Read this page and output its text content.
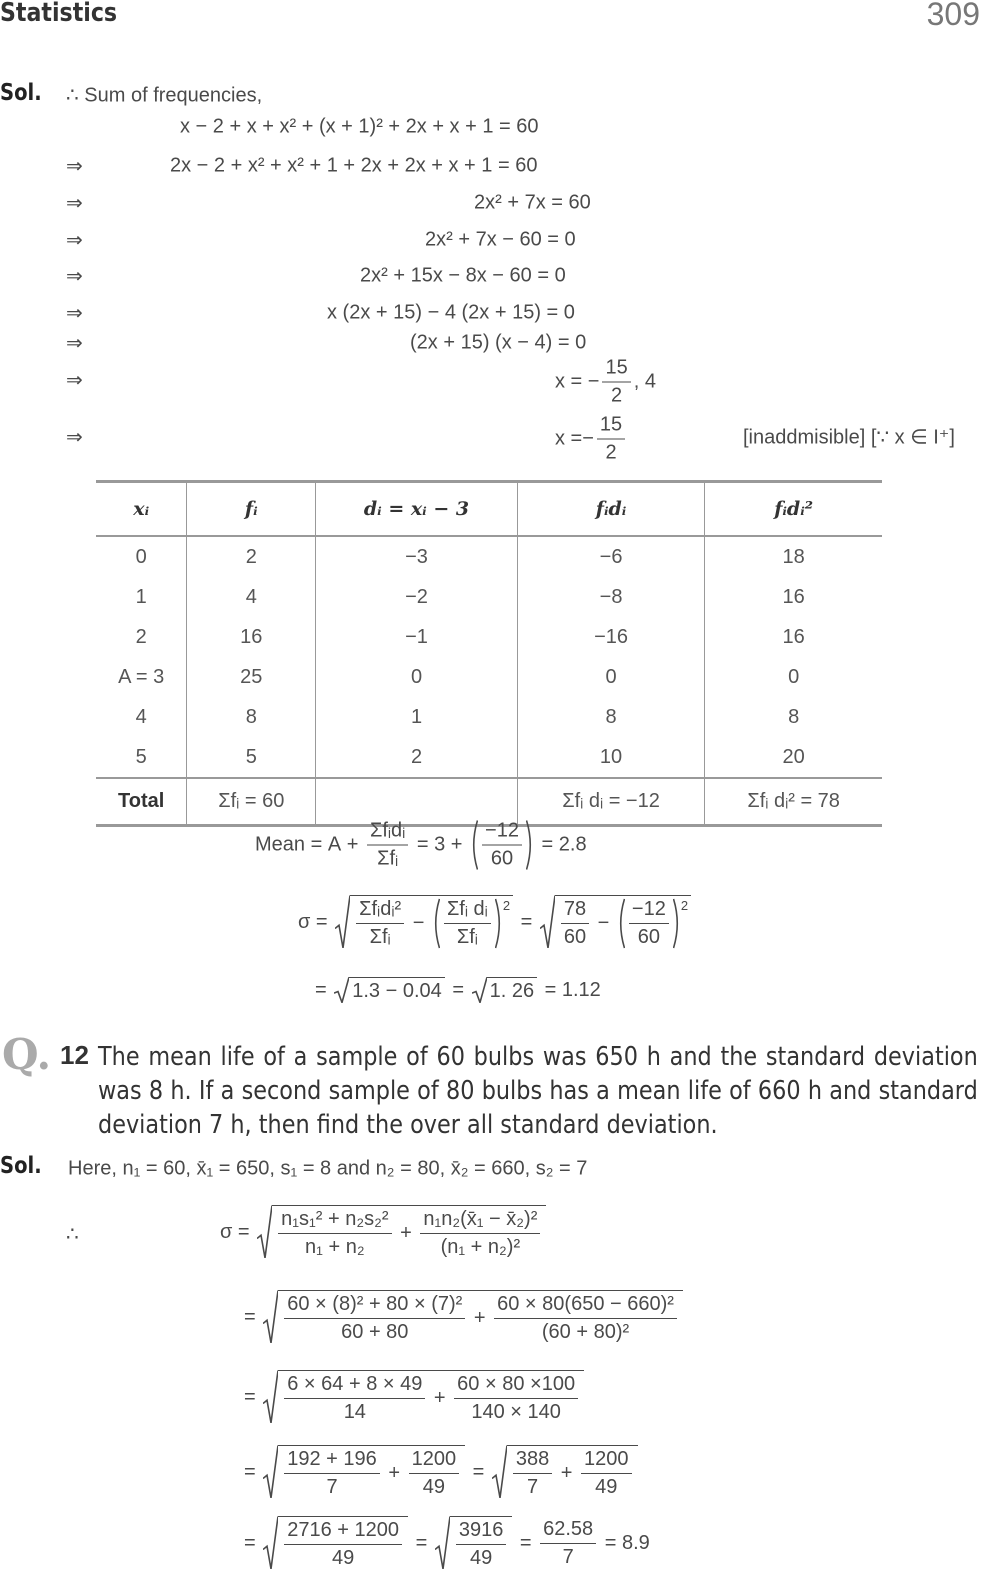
Statistics	309
Sol. ∴ Sum of frequencies,
x − 2 + x + x² + (x + 1)² + 2x + x + 1 = 60
⇒	2x − 2 + x² + x² + 1 + 2x + 2x + x + 1 = 60
⇒	2x² + 7x = 60
⇒	2x² + 7x − 60 = 0
⇒	2x² + 15x − 8x − 60 = 0
⇒	x (2x + 15) − 4 (2x + 15) = 0
⇒	(2x + 15) (x − 4) = 0
⇒	x = − $\frac{15}{2}$ , 4
⇒	$x =- \frac{15}{2}$	[inaddmisible] [∵ x ∈ I⁺]
xᵢ	fᵢ	dᵢ = xᵢ − 3	fᵢdᵢ	fᵢdᵢ²
0	2	−3	−6	18
1	4	−2	−8	16
2	16	−1	−16	16
A = 3	25	0	0	0
4	8	1	8	8
5	5	2	10	20
Total	Σfᵢ = 60		Σfᵢ dᵢ = −12	Σfᵢ dᵢ² = 78
Mean = $A + \frac{\text{Σfᵢdᵢ}}{\text{Σfᵢ}} = 3 + \frac{-12}{60} = 2.8$
$\sigma = \frac{\text{Σfᵢdᵢ²}}{\text{Σfᵢ}} - \frac{\text{Σfᵢ dᵢ}}{\text{Σfᵢ}} 2$
= $\frac{78}{60} - \frac{-12}{60} 2$
= 1.3 − 0.04 = 1. 26 = 1.12
Q. 12 The mean life of a sample of 60 bulbs was 650 h and the standard deviation was 8 h. If a second sample of 80 bulbs has a mean life of 660 h and standard deviation 7 h, then find the over all standard deviation.
Sol. Here, n₁ = 60, x̄₁ = 650, s₁ = 8 and n₂ = 80, x̄₂ = 660, s₂ = 7
∴	$\sigma = \frac{\text{n₁s₁² + n₂s₂²}}{\text{n₁ + n₂}} + \frac{\text{n₁n₂(x̄₁ − x̄₂)²}}{\text{(n₁ + n₂)²}}$
= $\frac{\text{60 × (8)² + 80 × (7)²}}{60 + 80} + \frac{\text{60 × 80(650 − 660)²}}{\text{(60 + 80)²}}$
= $\frac{6 \times 64 + 8 \times 49}{14} + \frac{60 \times 80 \times 100}{140 \times 140}$
= $\frac{192 + 196}{7} + \frac{1200}{49} = \frac{388}{7} + \frac{1200}{49}$
= $\frac{2716 + 1200}{49} = \frac{3916}{49} = \frac{62.58}{7} = 8.9$
